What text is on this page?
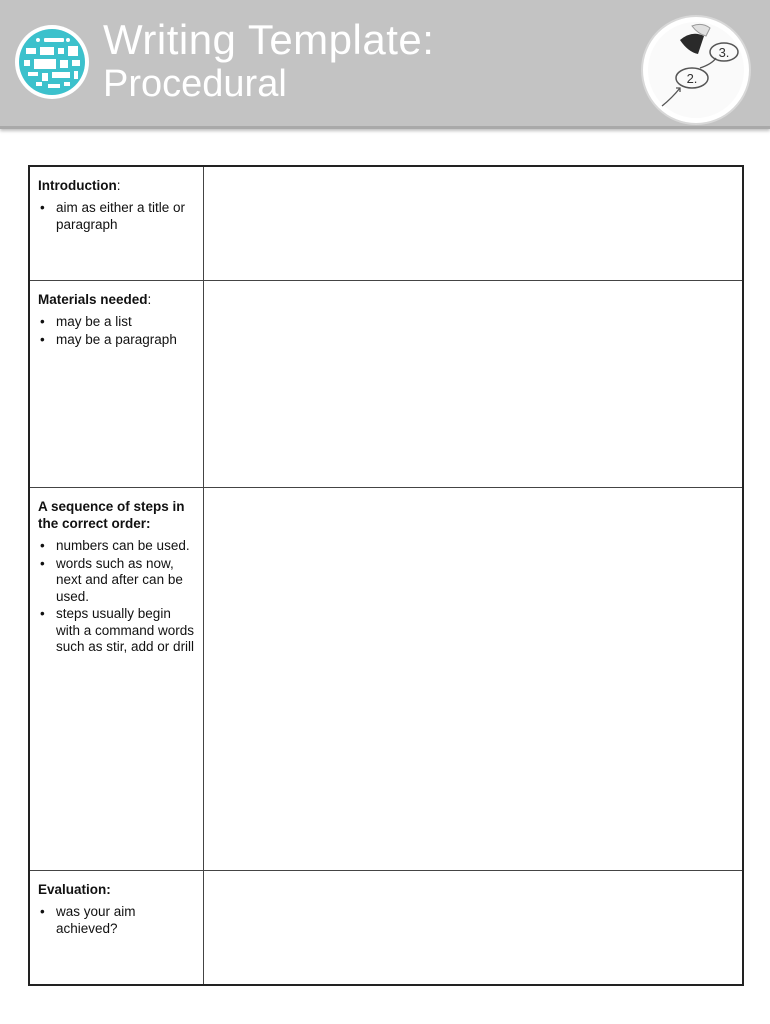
Writing Template:
Procedural
3.
2.
Introduction:
• aim as either a title or paragraph
Materials needed:
• may be a list
• may be a paragraph
A sequence of steps in the correct order:
• numbers can be used.
• words such as now, next and after can be used.
• steps usually begin with a command words such as stir, add or drill
Evaluation:
• was your aim achieved?
